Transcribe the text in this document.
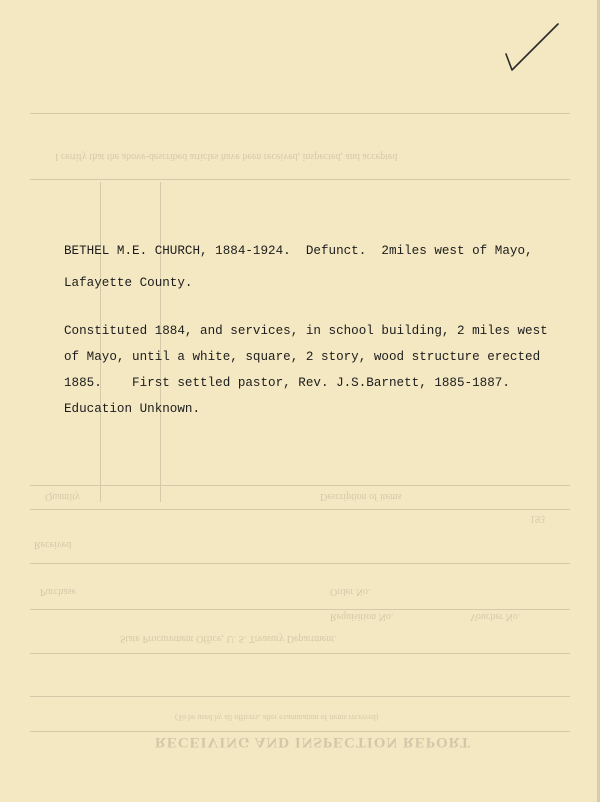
RECEIVING AND INSPECTION REPORT
(To be used by all officers, after examination of items received)
State Procurement Office, U. S. Treasury Department.
Purchase	Order No.
Requisition No.	Voucher No.
Received
193
Quantity	Description of items
I certify that the above-described articles have been received, inspected, and accepted
BETHEL M.E. CHURCH, 1884-1924.  Defunct.  2miles west of Mayo,
Lafayette County.
Constituted 1884, and services, in school building, 2 miles west
of Mayo, until a white, square, 2 story, wood structure erected
1885.    First settled pastor, Rev. J.S.Barnett, 1885-1887.
Education Unknown.
